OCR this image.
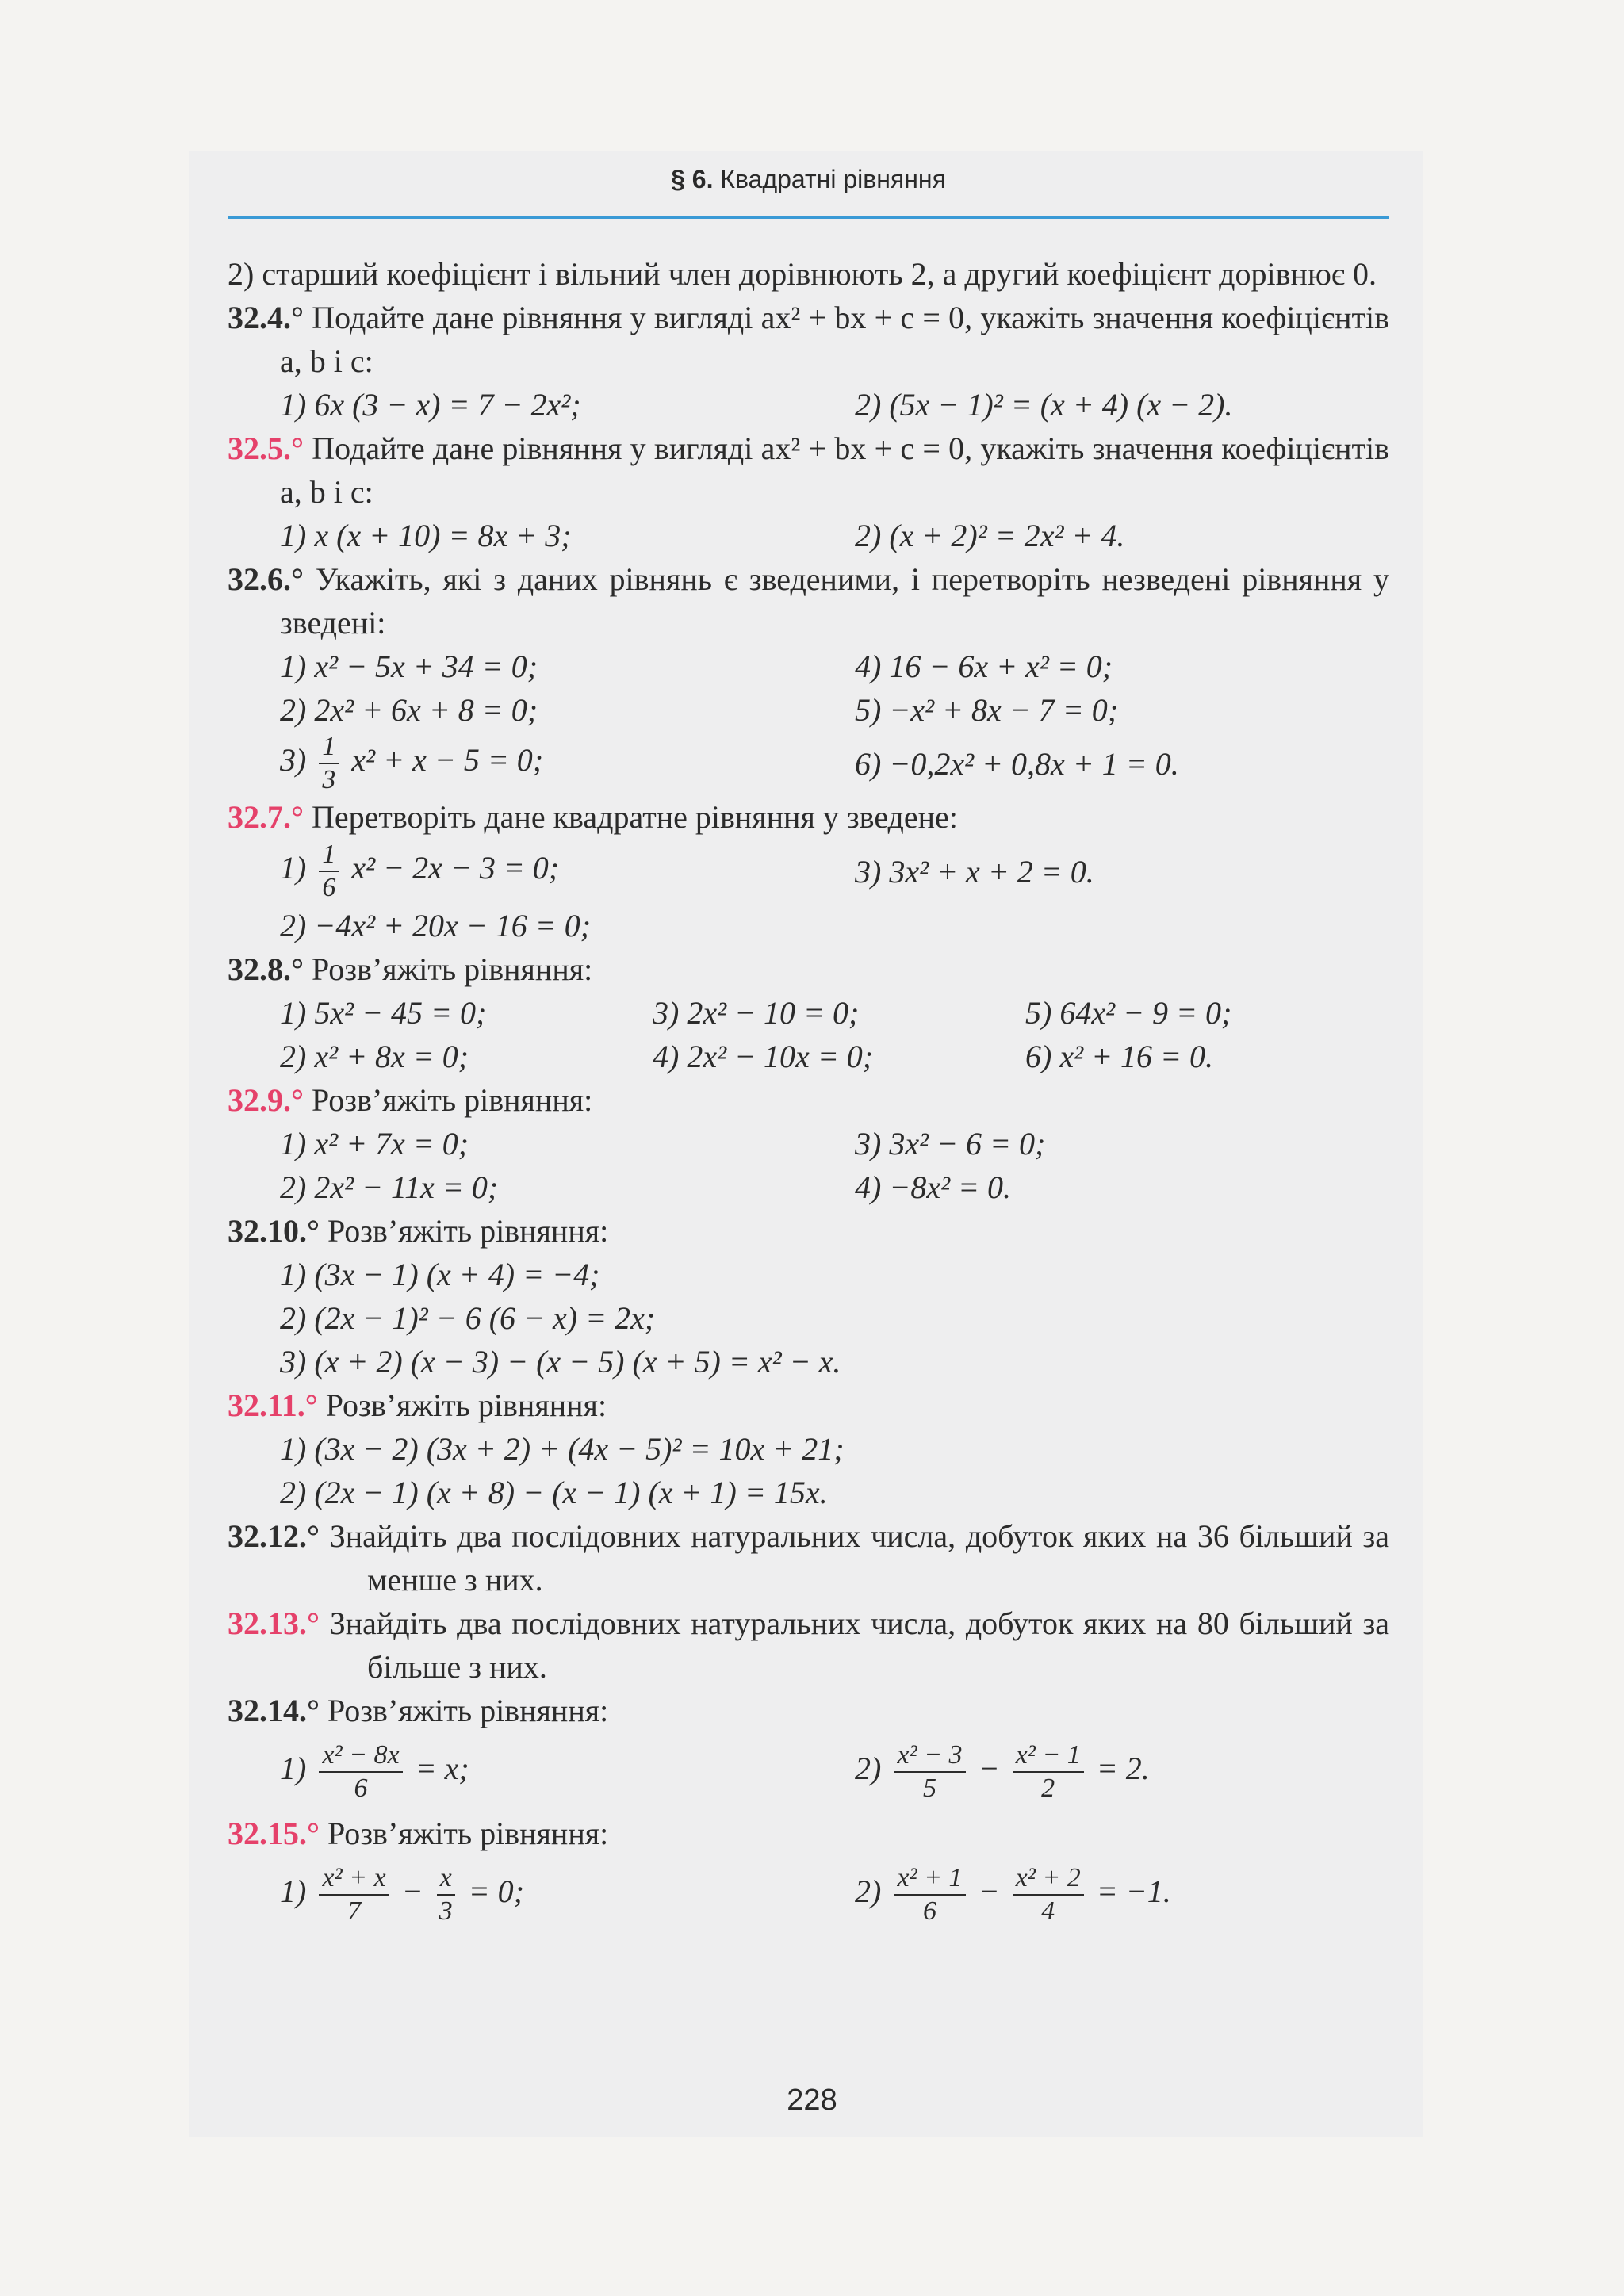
§ 6. Квадратні рівняння
2) старший коефіцієнт і вільний член дорівнюють 2, а другий коефіцієнт дорівнює 0.
32.4.° Подайте дане рівняння у вигляді ax² + bx + c = 0, укажіть значення коефіцієнтів a, b і c:
1) 6x (3 − x) = 7 − 2x²;	2) (5x − 1)² = (x + 4) (x − 2).
32.5.° Подайте дане рівняння у вигляді ax² + bx + c = 0, укажіть значення коефіцієнтів a, b і c:
1) x (x + 10) = 8x + 3;	2) (x + 2)² = 2x² + 4.
32.6.° Укажіть, які з даних рівнянь є зведеними, і перетворіть незведені рівняння у зведені:
1) x² − 5x + 34 = 0;	4) 16 − 6x + x² = 0;
2) 2x² + 6x + 8 = 0;	5) −x² + 8x − 7 = 0;
$3) \frac{1}{3} x^2 + x - 5 = 0$;	6) −0,2x² + 0,8x + 1 = 0.
32.7.° Перетворіть дане квадратне рівняння у зведене:
$1) \frac{1}{6} x^2 - 2x - 3 = 0$;	3) 3x² + x + 2 = 0.
2) −4x² + 20x − 16 = 0;
32.8.° Розв’яжіть рівняння:
1) 5x² − 45 = 0;	3) 2x² − 10 = 0;	5) 64x² − 9 = 0;
2) x² + 8x = 0;	4) 2x² − 10x = 0;	6) x² + 16 = 0.
32.9.° Розв’яжіть рівняння:
1) x² + 7x = 0;	3) 3x² − 6 = 0;
2) 2x² − 11x = 0;	4) −8x² = 0.
32.10.° Розв’яжіть рівняння:
1) (3x − 1) (x + 4) = −4;
2) (2x − 1)² − 6 (6 − x) = 2x;
3) (x + 2) (x − 3) − (x − 5) (x + 5) = x² − x.
32.11.° Розв’яжіть рівняння:
1) (3x − 2) (3x + 2) + (4x − 5)² = 10x + 21;
2) (2x − 1) (x + 8) − (x − 1) (x + 1) = 15x.
32.12.° Знайдіть два послідовних натуральних числа, добуток яких на 36 більший за менше з них.
32.13.° Знайдіть два послідовних натуральних числа, добуток яких на 80 більший за більше з них.
32.14.° Розв’яжіть рівняння:
$1) \frac{\text{x² − 8x}}{6} = x$;	$2) \frac{\text{x² − 3}}{5} - \frac{\text{x² − 1}}{2} = 2$.
32.15.° Розв’яжіть рівняння:
$1) \frac{\text{x² + x}}{7} - \frac{x}{3} = 0$;	$2) \frac{\text{x² + 1}}{6} - \frac{\text{x² + 2}}{4} = -1$.
228
